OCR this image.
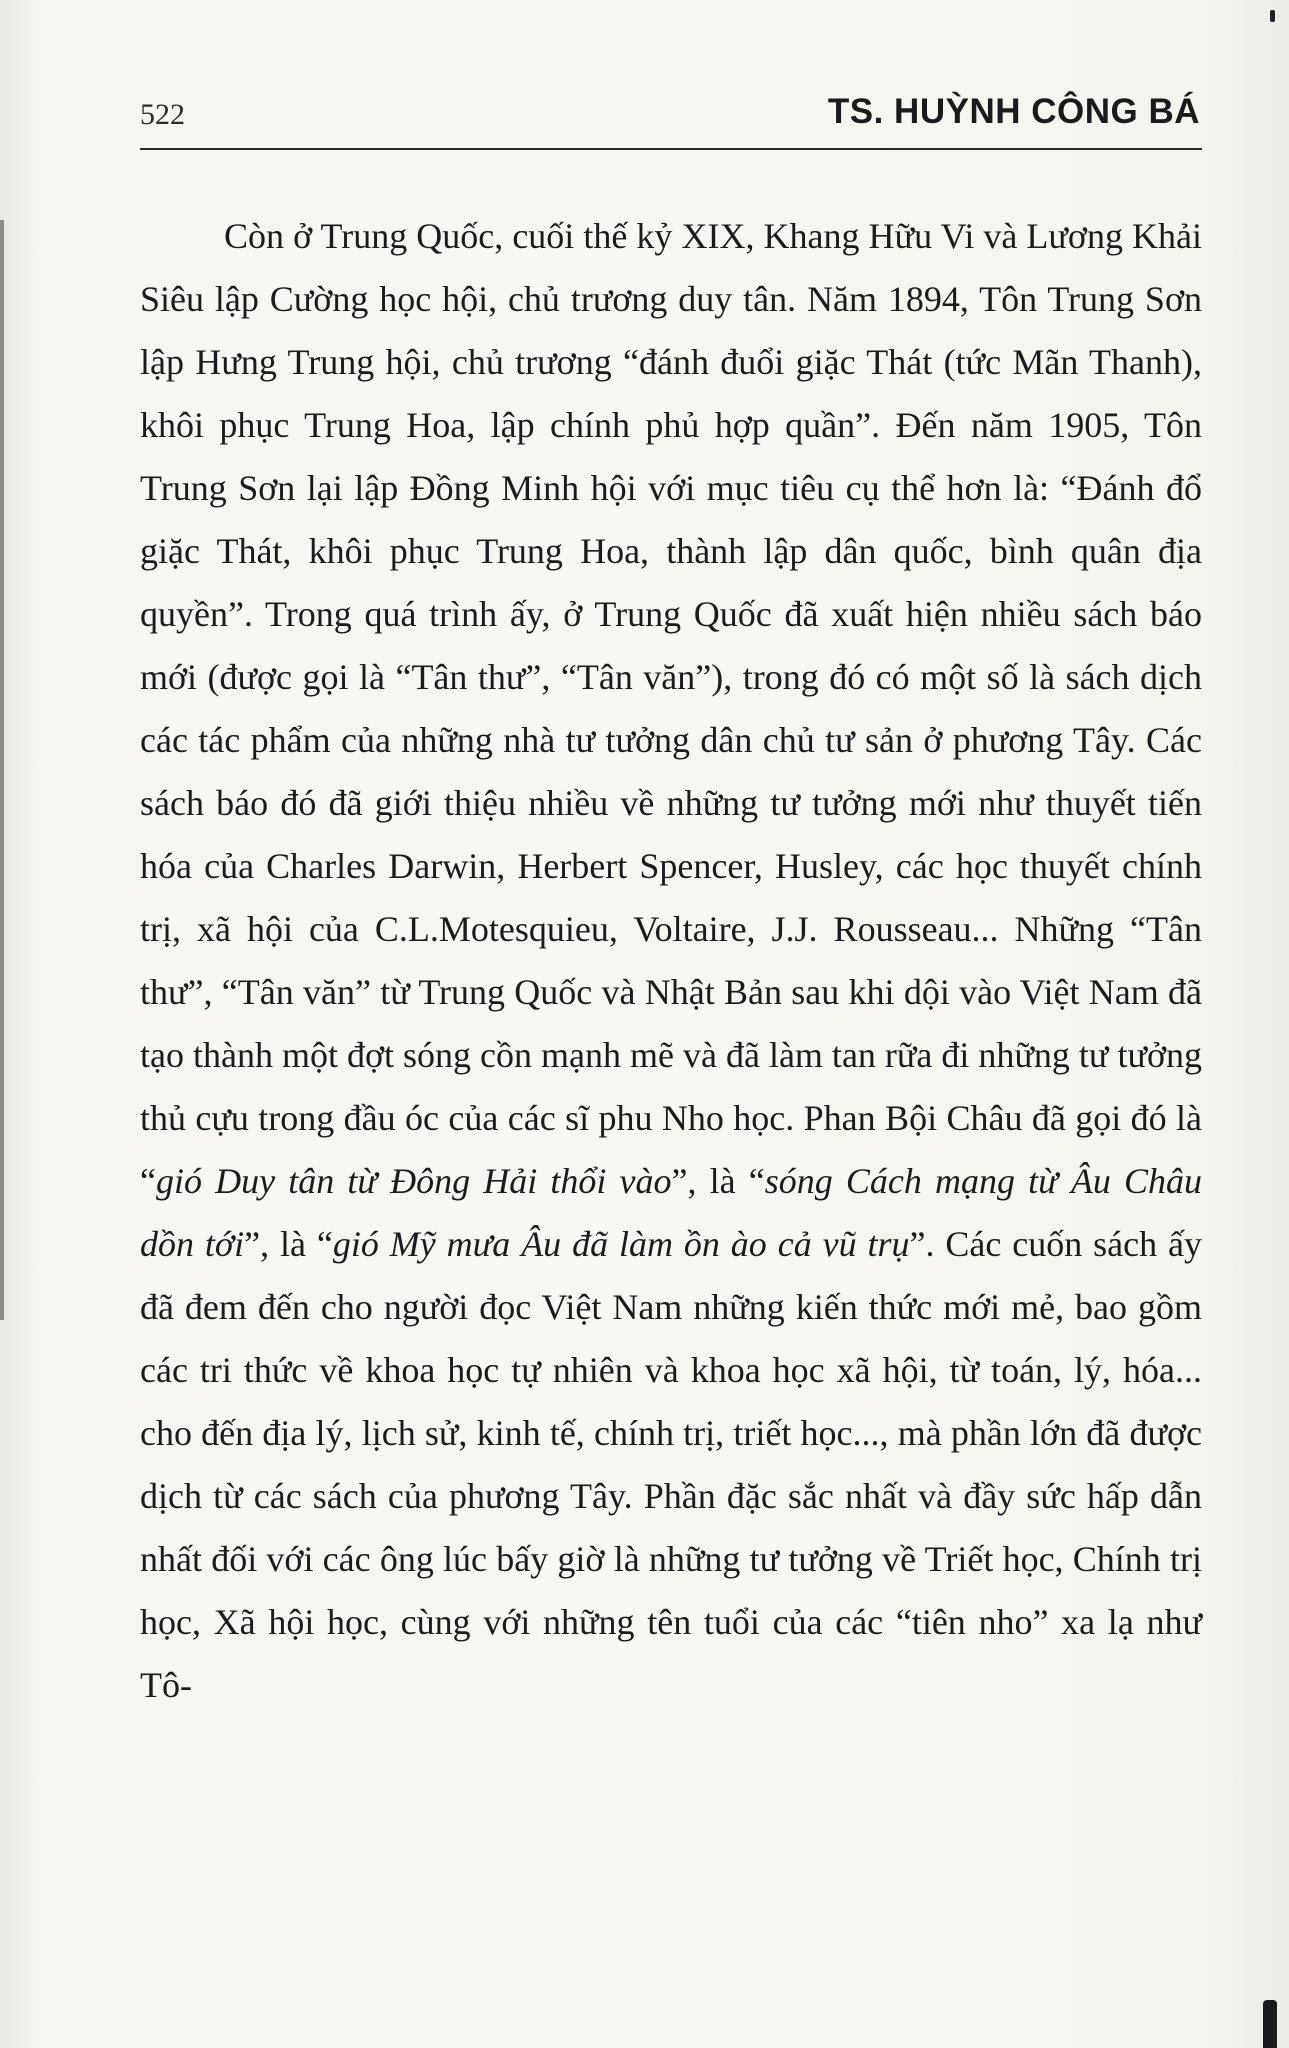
522	TS. HUỲNH CÔNG BÁ

Còn ở Trung Quốc, cuối thế kỷ XIX, Khang Hữu Vi và Lương Khải Siêu lập Cường học hội, chủ trương duy tân. Năm 1894, Tôn Trung Sơn lập Hưng Trung hội, chủ trương “đánh đuổi giặc Thát (tức Mãn Thanh), khôi phục Trung Hoa, lập chính phủ hợp quần”. Đến năm 1905, Tôn Trung Sơn lại lập Đồng Minh hội với mục tiêu cụ thể hơn là: “Đánh đổ giặc Thát, khôi phục Trung Hoa, thành lập dân quốc, bình quân địa quyền”. Trong quá trình ấy, ở Trung Quốc đã xuất hiện nhiều sách báo mới (được gọi là “Tân thư”, “Tân văn”), trong đó có một số là sách dịch các tác phẩm của những nhà tư tưởng dân chủ tư sản ở phương Tây. Các sách báo đó đã giới thiệu nhiều về những tư tưởng mới như thuyết tiến hóa của Charles Darwin, Herbert Spencer, Husley, các học thuyết chính trị, xã hội của C.L.Motesquieu, Voltaire, J.J. Rousseau... Những “Tân thư”, “Tân văn” từ Trung Quốc và Nhật Bản sau khi dội vào Việt Nam đã tạo thành một đợt sóng cồn mạnh mẽ và đã làm tan rữa đi những tư tưởng thủ cựu trong đầu óc của các sĩ phu Nho học. Phan Bội Châu đã gọi đó là “gió Duy tân từ Đông Hải thổi vào”, là “sóng Cách mạng từ Âu Châu dồn tới”, là “gió Mỹ mưa Âu đã làm ồn ào cả vũ trụ”. Các cuốn sách ấy đã đem đến cho người đọc Việt Nam những kiến thức mới mẻ, bao gồm các tri thức về khoa học tự nhiên và khoa học xã hội, từ toán, lý, hóa... cho đến địa lý, lịch sử, kinh tế, chính trị, triết học..., mà phần lớn đã được dịch từ các sách của phương Tây. Phần đặc sắc nhất và đầy sức hấp dẫn nhất đối với các ông lúc bấy giờ là những tư tưởng về Triết học, Chính trị học, Xã hội học, cùng với những tên tuổi của các “tiên nho” xa lạ như Tô-
